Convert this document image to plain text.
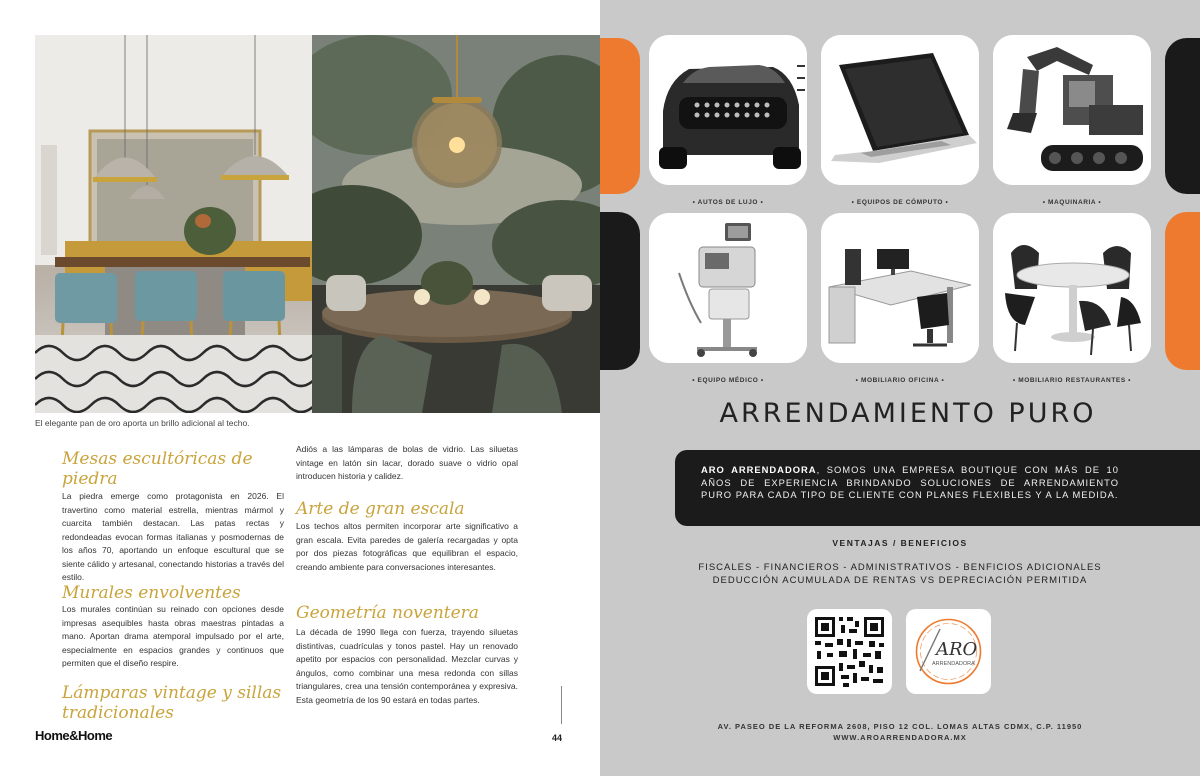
El elegante pan de oro aporta un brillo adicional al techo.
Mesas escultóricas de piedra

La piedra emerge como protagonista en 2026. El travertino como material estrella, mientras mármol y cuarcita también destacan. Las patas rectas y redondeadas evocan formas italianas y posmodernas de los años 70, aportando un enfoque escultural que se siente cálido y artesanal, conectando historias a través del estilo.

Murales envolventes

Los murales continúan su reinado con opciones desde impresas asequibles hasta obras maestras pintadas a mano. Aportan drama atemporal impulsado por el arte, especialmente en espacios grandes y continuos que permiten que el diseño respire.

Lámparas vintage y sillas tradicionales

Adiós a las lámparas de bolas de vidrio. Las siluetas vintage en latón sin lacar, dorado suave o vidrio opal introducen historia y calidez.

Arte de gran escala

Los techos altos permiten incorporar arte significativo a gran escala. Evita paredes de galería recargadas y opta por dos piezas fotográficas que equilibran el espacio, creando ambiente para conversaciones interesantes.

Geometría noventera

La década de 1990 llega con fuerza, trayendo siluetas distintivas, cuadrículas y tonos pastel. Hay un renovado apetito por espacios con personalidad. Mezclar curvas y ángulos, como combinar una mesa redonda con sillas triangulares, crea una tensión contemporánea y expresiva. Esta geometría de los 90 estará en todas partes.

Home&Home	44
• AUTOS DE LUJO •	• EQUIPOS DE CÓMPUTO •	• MAQUINARIA •
• EQUIPO MÉDICO •	• MOBILIARIO OFICINA •	• MOBILIARIO RESTAURANTES •
ARRENDAMIENTO PURO

ARO ARRENDADORA, SOMOS UNA EMPRESA BOUTIQUE CON MÁS DE 10 AÑOS DE EXPERIENCIA BRINDANDO SOLUCIONES DE ARRENDAMIENTO PURO PARA CADA TIPO DE CLIENTE CON PLANES FLEXIBLES Y A LA MEDIDA.

VENTAJAS / BENEFICIOS
FISCALES - FINANCIEROS - ADMINISTRATIVOS - BENFICIOS ADICIONALES
DEDUCCIÓN ACUMULADA DE RENTAS VS DEPRECIACIÓN PERMITIDA
ARO
ARRENDADORA
AV. PASEO DE LA REFORMA 2608, PISO 12 COL. LOMAS ALTAS CDMX, C.P. 11950
WWW.AROARRENDADORA.MX
